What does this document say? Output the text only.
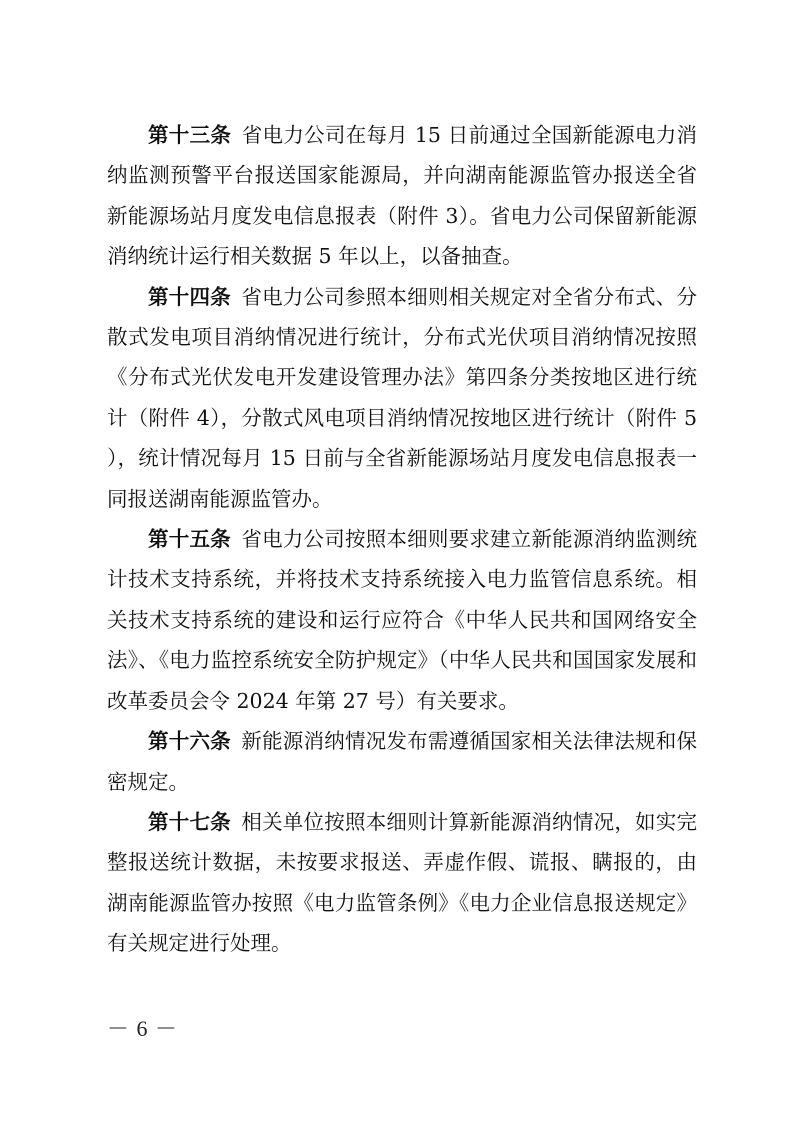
第十三条 省电力公司在每月 15 日前通过全国新能源电力消纳监测预警平台报送国家能源局，并向湖南能源监管办报送全省新能源场站月度发电信息报表（附件 3）。省电力公司保留新能源消纳统计运行相关数据 5 年以上，以备抽查。

第十四条 省电力公司参照本细则相关规定对全省分布式、分散式发电项目消纳情况进行统计，分布式光伏项目消纳情况按照《分布式光伏发电开发建设管理办法》第四条分类按地区进行统计（附件 4），分散式风电项目消纳情况按地区进行统计（附件 5），统计情况每月 15 日前与全省新能源场站月度发电信息报表一同报送湖南能源监管办。

第十五条 省电力公司按照本细则要求建立新能源消纳监测统计技术支持系统，并将技术支持系统接入电力监管信息系统。相关技术支持系统的建设和运行应符合《中华人民共和国网络安全法》、《电力监控系统安全防护规定》（中华人民共和国国家发展和改革委员会令 2024 年第 27 号）有关要求。

第十六条 新能源消纳情况发布需遵循国家相关法律法规和保密规定。

第十七条 相关单位按照本细则计算新能源消纳情况，如实完整报送统计数据，未按要求报送、弄虚作假、谎报、瞒报的，由湖南能源监管办按照《电力监管条例》《电力企业信息报送规定》有关规定进行处理。

－ 6 －
